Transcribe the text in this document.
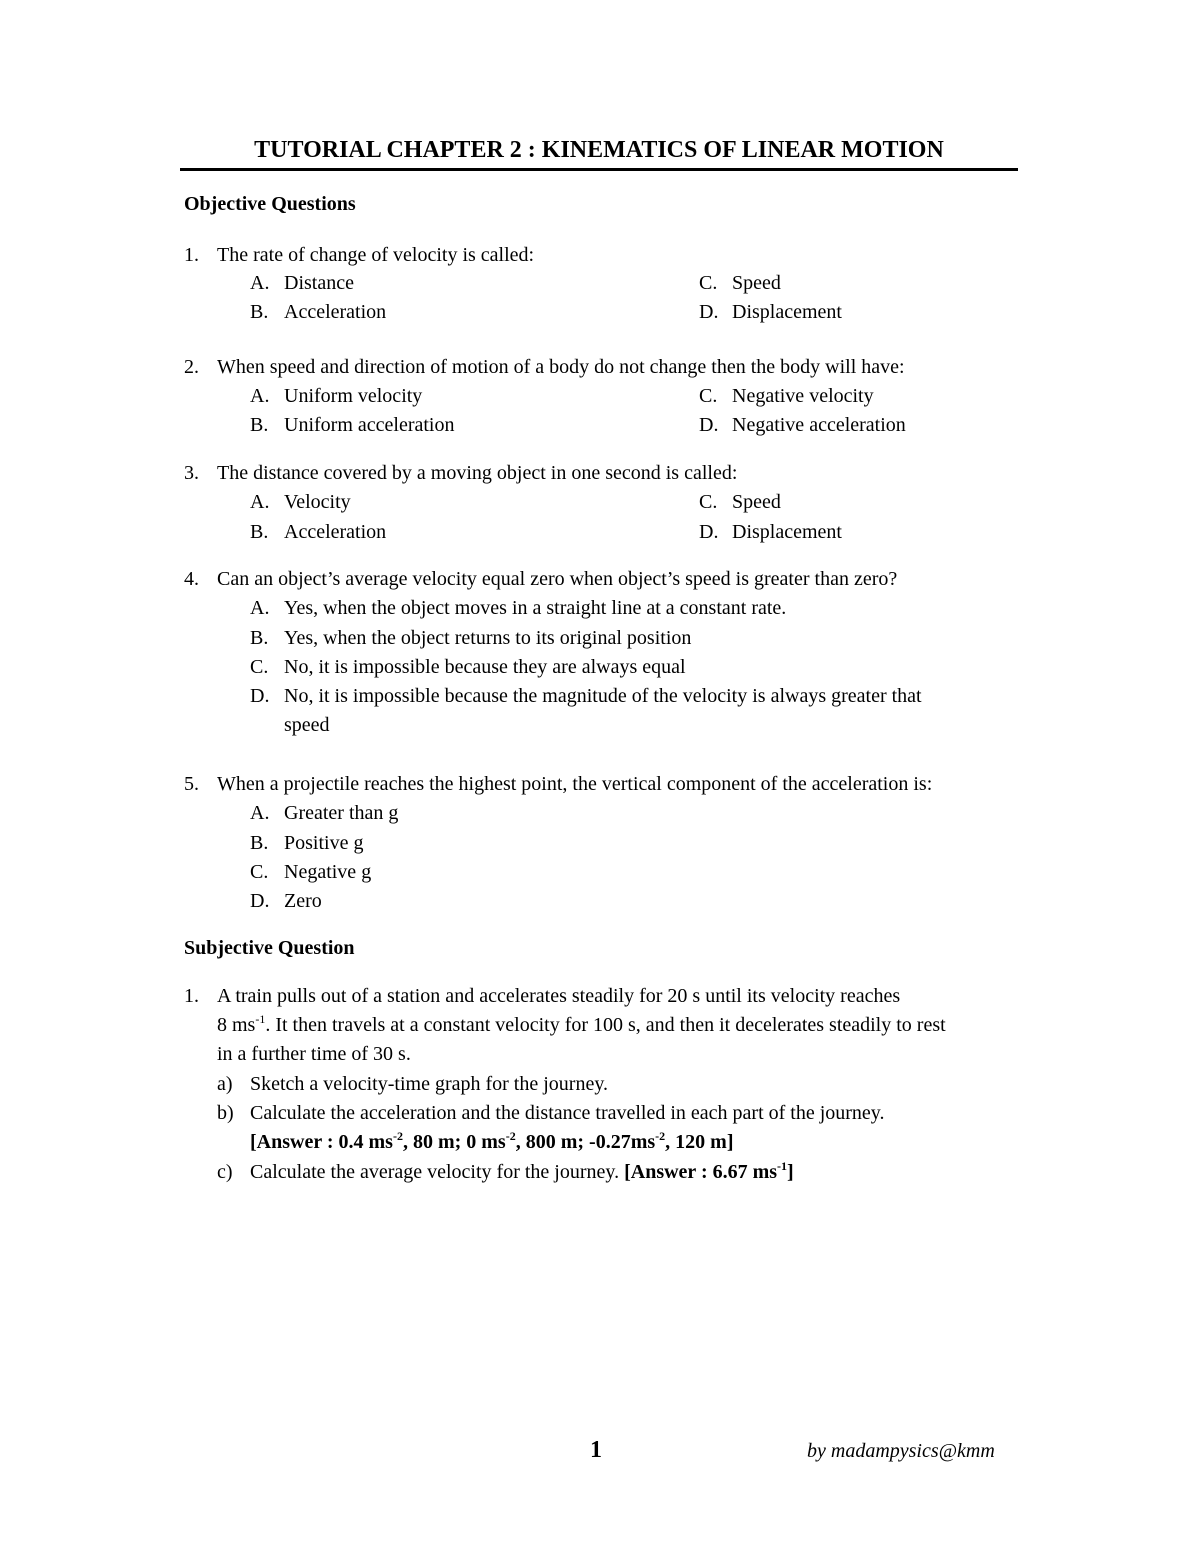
TUTORIAL CHAPTER 2 : KINEMATICS OF LINEAR MOTION
Objective Questions
1. The rate of change of velocity is called:
A. Distance	C. Speed
B. Acceleration	D. Displacement
2. When speed and direction of motion of a body do not change then the body will have:
A. Uniform velocity	C. Negative velocity
B. Uniform acceleration	D. Negative acceleration
3. The distance covered by a moving object in one second is called:
A. Velocity	C. Speed
B. Acceleration	D. Displacement
4. Can an object’s average velocity equal zero when object’s speed is greater than zero?
A. Yes, when the object moves in a straight line at a constant rate.
B. Yes, when the object returns to its original position
C. No, it is impossible because they are always equal
D. No, it is impossible because the magnitude of the velocity is always greater that
speed
5. When a projectile reaches the highest point, the vertical component of the acceleration is:
A. Greater than g
B. Positive g
C. Negative g
D. Zero
Subjective Question
1. A train pulls out of a station and accelerates steadily for 20 s until its velocity reaches
8 $ms^{-1}$. It then travels at a constant velocity for 100 s, and then it decelerates steadily to rest
in a further time of 30 s.
a) Sketch a velocity-time graph for the journey.
b) Calculate the acceleration and the distance travelled in each part of the journey.
[Answer : 0.4 $ms^{-2}$, 80 m; 0 $ms^{-2}$, 800 m; $-0.27ms^{-2}$, 120 m]
c) Calculate the average velocity for the journey. [Answer : 6.67 $ms^{-1}$]
1	by madampysics@kmm
